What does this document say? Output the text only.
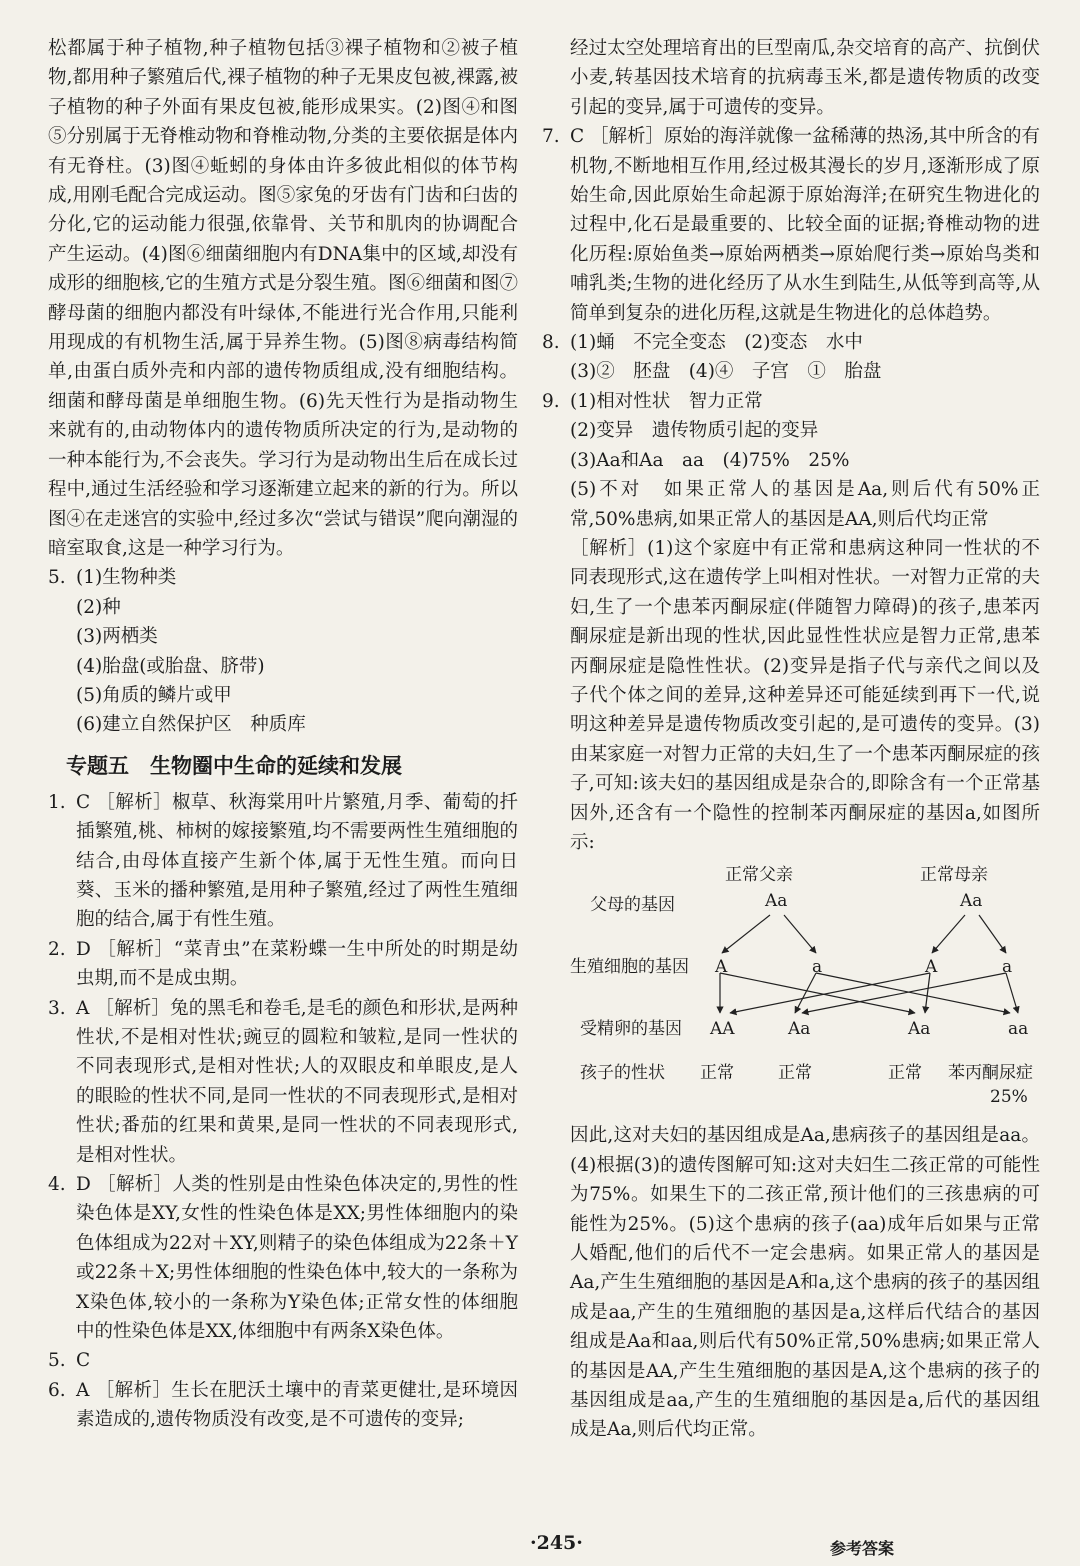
松都属于种子植物,种子植物包括③裸子植物和②被子植物,都用种子繁殖后代,裸子植物的种子无果皮包被,裸露,被子植物的种子外面有果皮包被,能形成果实。(2)图④和图⑤分别属于无脊椎动物和脊椎动物,分类的主要依据是体内有无脊柱。(3)图④蚯蚓的身体由许多彼此相似的体节构成,用刚毛配合完成运动。图⑤家兔的牙齿有门齿和臼齿的分化,它的运动能力很强,依靠骨、关节和肌肉的协调配合产生运动。(4)图⑥细菌细胞内有DNA集中的区域,却没有成形的细胞核,它的生殖方式是分裂生殖。图⑥细菌和图⑦酵母菌的细胞内都没有叶绿体,不能进行光合作用,只能利用现成的有机物生活,属于异养生物。(5)图⑧病毒结构简单,由蛋白质外壳和内部的遗传物质组成,没有细胞结构。细菌和酵母菌是单细胞生物。(6)先天性行为是指动物生来就有的,由动物体内的遗传物质所决定的行为,是动物的一种本能行为,不会丧失。学习行为是动物出生后在成长过程中,通过生活经验和学习逐渐建立起来的新的行为。所以图④在走迷宫的实验中,经过多次“尝试与错误”爬向潮湿的暗室取食,这是一种学习行为。

5. (1)生物种类
(2)种
(3)两栖类
(4)胎盘(或胎盘、脐带)
(5)角质的鳞片或甲
(6)建立自然保护区　种质库
专题五　生物圈中生命的延续和发展
1. C ［解析］椒草、秋海棠用叶片繁殖,月季、葡萄的扦插繁殖,桃、柿树的嫁接繁殖,均不需要两性生殖细胞的结合,由母体直接产生新个体,属于无性生殖。而向日葵、玉米的播种繁殖,是用种子繁殖,经过了两性生殖细胞的结合,属于有性生殖。
2. D ［解析］“菜青虫”在菜粉蝶一生中所处的时期是幼虫期,而不是成虫期。
3. A ［解析］兔的黑毛和卷毛,是毛的颜色和形状,是两种性状,不是相对性状;豌豆的圆粒和皱粒,是同一性状的不同表现形式,是相对性状;人的双眼皮和单眼皮,是人的眼睑的性状不同,是同一性状的不同表现形式,是相对性状;番茄的红果和黄果,是同一性状的不同表现形式,是相对性状。
4. D ［解析］人类的性别是由性染色体决定的,男性的性染色体是XY,女性的性染色体是XX;男性体细胞内的染色体组成为22对＋XY,则精子的染色体组成为22条＋Y或22条＋X;男性体细胞的性染色体中,较大的一条称为X染色体,较小的一条称为Y染色体;正常女性的体细胞中的性染色体是XX,体细胞中有两条X染色体。
5. C
6. A ［解析］生长在肥沃土壤中的青菜更健壮,是环境因素造成的,遗传物质没有改变,是不可遗传的变异;

经过太空处理培育出的巨型南瓜,杂交培育的高产、抗倒伏小麦,转基因技术培育的抗病毒玉米,都是遗传物质的改变引起的变异,属于可遗传的变异。

7. C ［解析］原始的海洋就像一盆稀薄的热汤,其中所含的有机物,不断地相互作用,经过极其漫长的岁月,逐渐形成了原始生命,因此原始生命起源于原始海洋;在研究生物进化的过程中,化石是最重要的、比较全面的证据;脊椎动物的进化历程:原始鱼类→原始两栖类→原始爬行类→原始鸟类和哺乳类;生物的进化经历了从水生到陆生,从低等到高等,从简单到复杂的进化历程,这就是生物进化的总体趋势。
8. (1)蛹　不完全变态　(2)变态　水中
(3)②　胚盘　(4)④　子宫　①　胎盘
9. (1)相对性状　智力正常
(2)变异　遗传物质引起的变异
(3)Aa和Aa　aa　(4)75%　25%
(5)不对　如果正常人的基因是Aa,则后代有50%正常,50%患病,如果正常人的基因是AA,则后代均正常
［解析］(1)这个家庭中有正常和患病这种同一性状的不同表现形式,这在遗传学上叫相对性状。一对智力正常的夫妇,生了一个患苯丙酮尿症(伴随智力障碍)的孩子,患苯丙酮尿症是新出现的性状,因此显性性状应是智力正常,患苯丙酮尿症是隐性性状。(2)变异是指子代与亲代之间以及子代个体之间的差异,这种差异还可能延续到再下一代,说明这种差异是遗传物质改变引起的,是可遗传的变异。(3)由某家庭一对智力正常的夫妇,生了一个患苯丙酮尿症的孩子,可知:该夫妇的基因组成是杂合的,即除含有一个正常基因外,还含有一个隐性的控制苯丙酮尿症的基因a,如图所示:
正常父亲	正常母亲
父母的基因	Aa	Aa
生殖细胞的基因 A	a	A	a
受精卵的基因 AA	Aa	Aa	aa
孩子的性状 正常	正常	正常 苯丙酮尿症
25%
因此,这对夫妇的基因组成是Aa,患病孩子的基因组是aa。(4)根据(3)的遗传图解可知:这对夫妇生二孩正常的可能性为75%。如果生下的二孩正常,预计他们的三孩患病的可能性为25%。(5)这个患病的孩子(aa)成年后如果与正常人婚配,他们的后代不一定会患病。如果正常人的基因是Aa,产生生殖细胞的基因是A和a,这个患病的孩子的基因组成是aa,产生的生殖细胞的基因是a,这样后代结合的基因组成是Aa和aa,则后代有50%正常,50%患病;如果正常人的基因是AA,产生生殖细胞的基因是A,这个患病的孩子的基因组成是aa,产生的生殖细胞的基因是a,后代的基因组成是Aa,则后代均正常。
·245·	参考答案
